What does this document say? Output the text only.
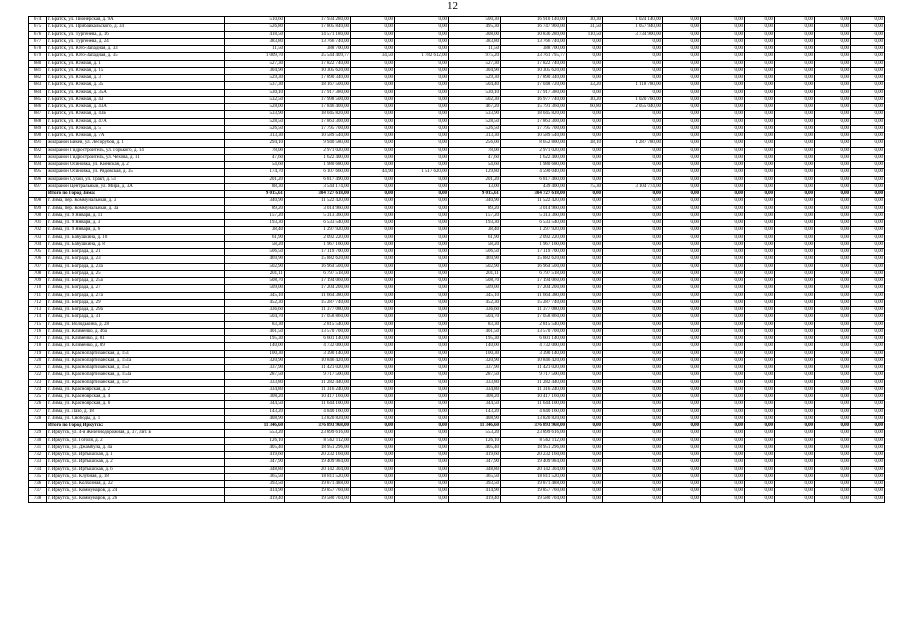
12
674	г. Братск, ул. Пионерская, д. 9А	510,60	17 934 280,00	0,00	0,00	500,30	16 910 140,00	30,30	1 024 140,00	0,00	0,00	0,00	0,00	0,00	0,00
675	г. Братск, ул. Прибайкальского, д. 34	526,80	17 805 840,00	0,00	0,00	495,30	16 747 960,00	31,50	1 057 940,00	0,00	0,00	0,00	0,00	0,00	0,00
676	г. Братск, ул. Тургенева, д. 16	418,50	14 571 180,00	0,00	0,00	308,00	10 836 280,00	110,50	3 734 900,00	0,00	0,00	0,00	0,00	0,00	0,00
677	г. Братск, ул. Тургенева, д. 24	383,80	13 766 740,00	0,00	0,00	383,80	13 766 740,00	0,00	0,00	0,00	0,00	0,00	0,00	0,00	0,00
678	г. Братск, ул. Юго-Западная, д. 33	11,50	388 700,00	0,00	0,00	11,50	388 700,00	0,00	0,00	0,00	0,00	0,00	0,00	0,00	0,00
679	г. Братск, ул. Юго-Западная, д. 35	1 009,70	35 544 409,77	34,50	1 782 612,00	975,20	33 761 795,77	0,00	0,00	0,00	0,00	0,00	0,00	0,00	0,00
680	г. Братск, ул. Южная, д. 1	527,30	17 822 740,00	0,00	0,00	527,30	17 822 740,00	0,00	0,00	0,00	0,00	0,00	0,00	0,00	0,00
681	г. Братск, ул. Южная, д. 15	304,90	10 305 620,00	0,00	0,00	304,90	10 305 620,00	0,00	0,00	0,00	0,00	0,00	0,00	0,00	0,00
682	г. Братск, ул. Южная, д. 3	529,30	17 890 340,00	0,00	0,00	529,30	17 890 340,00	0,00	0,00	0,00	0,00	0,00	0,00	0,00	0,00
683	г. Братск, ул. Южная, д. 35	537,30	18 167 500,00	0,00	0,00	504,40	17 048 720,00	33,20	1 118 780,00	0,00	0,00	0,00	0,00	0,00	0,00
684	г. Братск, ул. Южная, д. 35А	530,10	17 917 380,00	0,00	0,00	530,10	17 917 380,00	0,00	0,00	0,00	0,00	0,00	0,00	0,00	0,00
685	г. Братск, ул. Южная, д. 43	532,50	17 998 500,00	0,00	0,00	502,30	16 977 740,00	30,20	1 020 760,00	0,00	0,00	0,00	0,00	0,00	0,00
686	г. Братск, ул. Южная, д. 43А	528,00	17 846 400,00	0,00	0,00	467,20	15 791 360,00	60,80	2 055 040,00	0,00	0,00	0,00	0,00	0,00	0,00
687	г. Братск, ул. Южная, д. 43Б	533,90	18 045 820,00	0,00	0,00	533,90	18 045 820,00	0,00	0,00	0,00	0,00	0,00	0,00	0,00	0,00
688	г. Братск, ул. Южная, д. 47А	528,50	17 863 300,00	0,00	0,00	528,50	17 863 300,00	0,00	0,00	0,00	0,00	0,00	0,00	0,00	0,00
689	г. Братск, ул. Южная, д. 5	526,50	17 795 700,00	0,00	0,00	526,50	17 795 700,00	0,00	0,00	0,00	0,00	0,00	0,00	0,00	0,00
690	г. Братск, ул. Южная, д. 7А	313,30	10 589 540,00	0,00	0,00	313,30	10 589 540,00	0,00	0,00	0,00	0,00	0,00	0,00	0,00	0,00
691	жилрайон Бикей, ул. Лесорубов, д. 1	294,10	9 940 580,00	0,00	0,00	256,00	8 652 800,00	38,10	1 287 780,00	0,00	0,00	0,00	0,00	0,00	0,00
692	жилрайон Гидростроитель, ул. Горького, д. 14	78,00	2 971 020,00	0,00	0,00	78,00	2 971 020,00	0,00	0,00	0,00	0,00	0,00	0,00	0,00	0,00
693	жилрайон Гидростроитель, ул. Чехова, д. 11	47,60	1 622 400,00	0,00	0,00	47,60	1 622 400,00	0,00	0,00	0,00	0,00	0,00	0,00	0,00	0,00
694	жилрайон Осиновка, ул. Киевская, д. 2	54,60	1 980 680,00	0,00	0,00	54,60	1 980 680,00	0,00	0,00	0,00	0,00	0,00	0,00	0,00	0,00
695	жилрайон Осиновка, ул. Рядовская, д. 35	174,70	6 107 660,00	44,90	1 517 620,00	129,80	4 590 040,00	0,00	0,00	0,00	0,00	0,00	0,00	0,00	0,00
696	жилрайон Сухой, ул. Тракт, д. 51	201,20	6 817 490,00	0,00	0,00	201,20	6 817 460,00	0,00	0,00	0,00	0,00	0,00	0,00	0,00	0,00
697	жилрайон Центральный, ул. Мира, д. 3А	88,30	3 544 174,00	0,00	0,00	13,00	439 400,00	75,30	3 104 774,00	0,00	0,00	0,00	0,00	0,00	0,00
	Итого по Город Зима:	9 015,61	304 727 618,00	0,00	0,00	9 015,61	304 727 618,00	0,00	0,00	0,00	0,00	0,00	0,00	0,00	0,00
698	г. Зима, пер. Коммунальный, д. 3	340,90	11 522 420,00	0,00	0,00	340,90	11 522 420,00	0,00	0,00	0,00	0,00	0,00	0,00	0,00	0,00
699	г. Зима, пер. Коммунальный, д. 3а	89,20	3 014 960,00	0,00	0,00	89,20	3 014 960,00	0,00	0,00	0,00	0,00	0,00	0,00	0,00	0,00
700	г. Зима, ул. 9 Января, д. 11	157,20	5 313 360,00	0,00	0,00	157,20	5 313 360,00	0,00	0,00	0,00	0,00	0,00	0,00	0,00	0,00
701	г. Зима, ул. 9 Января, д. 3	193,30	6 533 540,00	0,00	0,00	193,30	6 533 540,00	0,00	0,00	0,00	0,00	0,00	0,00	0,00	0,00
702	г. Зима, ул. 9 Января, д. 6	38,40	1 297 920,00	0,00	0,00	38,40	1 297 920,00	0,00	0,00	0,00	0,00	0,00	0,00	0,00	0,00
703	г. Зима, ул. Бабушкина, д. 10	61,90	2 092 220,00	0,00	0,00	61,90	2 092 220,00	0,00	0,00	0,00	0,00	0,00	0,00	0,00	0,00
704	г. Зима, ул. Бабушкина, д. 8	58,20	1 967 160,00	0,00	0,00	58,20	1 967 160,00	0,00	0,00	0,00	0,00	0,00	0,00	0,00	0,00
705	г. Зима, ул. Бограда, д. 21	506,50	17 119 700,00	0,00	0,00	506,50	17 119 700,00	0,00	0,00	0,00	0,00	0,00	0,00	0,00	0,00
706	г. Зима, ул. Бограда, д. 23	469,90	15 882 620,00	0,00	0,00	469,90	15 882 620,00	0,00	0,00	0,00	0,00	0,00	0,00	0,00	0,00
707	г. Зима, ул. Бограда, д. 23а	502,90	16 964 500,00	0,00	0,00	502,90	16 964 500,00	0,00	0,00	0,00	0,00	0,00	0,00	0,00	0,00
708	г. Зима, ул. Бограда, д. 25	201,11	6 797 518,00	0,00	0,00	201,11	6 797 518,00	0,00	0,00	0,00	0,00	0,00	0,00	0,00	0,00
709	г. Зима, ул. Бограда, д. 25а	508,70	17 194 060,00	0,00	0,00	508,70	17 194 060,00	0,00	0,00	0,00	0,00	0,00	0,00	0,00	0,00
710	г. Зима, ул. Бограда, д. 27	509,00	17 204 200,00	0,00	0,00	509,00	17 204 200,00	0,00	0,00	0,00	0,00	0,00	0,00	0,00	0,00
711	г. Зима, ул. Бограда, д. 27а	345,10	11 664 380,00	0,00	0,00	345,10	11 664 380,00	0,00	0,00	0,00	0,00	0,00	0,00	0,00	0,00
712	г. Зима, ул. Бограда, д. 29	452,30	15 287 740,00	0,00	0,00	452,30	15 287 740,00	0,00	0,00	0,00	0,00	0,00	0,00	0,00	0,00
713	г. Зима, ул. Бограда, д. 29а	336,60	11 377 080,00	0,00	0,00	336,60	11 377 080,00	0,00	0,00	0,00	0,00	0,00	0,00	0,00	0,00
714	г. Зима, ул. Бограда, д. 31	504,70	17 058 860,00	0,00	0,00	504,70	17 058 860,00	0,00	0,00	0,00	0,00	0,00	0,00	0,00	0,00
715	г. Зима, ул. Володькина, д. 28	83,30	2 815 540,00	0,00	0,00	83,30	2 815 540,00	0,00	0,00	0,00	0,00	0,00	0,00	0,00	0,00
716	г. Зима, ул. Клименко, д. 46а	401,50	13 570 700,00	0,00	0,00	401,50	13 570 700,00	0,00	0,00	0,00	0,00	0,00	0,00	0,00	0,00
717	г. Зима, ул. Клименко, д. 81	195,30	6 601 140,00	0,00	0,00	195,30	6 601 140,00	0,00	0,00	0,00	0,00	0,00	0,00	0,00	0,00
718	г. Зима, ул. Клименко, д. 89	140,00	4 732 000,00	0,00	0,00	140,00	4 732 000,00	0,00	0,00	0,00	0,00	0,00	0,00	0,00	0,00
719	г. Зима, ул. Краснопартизанская, д. 151	100,30	3 390 140,00	0,00	0,00	100,30	3 390 140,00	0,00	0,00	0,00	0,00	0,00	0,00	0,00	0,00
720	г. Зима, ул. Краснопартизанская, д. 151а	320,90	10 846 420,00	0,00	0,00	320,90	10 846 420,00	0,00	0,00	0,00	0,00	0,00	0,00	0,00	0,00
721	г. Зима, ул. Краснопартизанская, д. 153	337,90	11 421 020,00	0,00	0,00	337,90	11 421 020,00	0,00	0,00	0,00	0,00	0,00	0,00	0,00	0,00
722	г. Зима, ул. Краснопартизанская, д. 153а	287,50	9 717 500,00	0,00	0,00	287,50	9 717 500,00	0,00	0,00	0,00	0,00	0,00	0,00	0,00	0,00
723	г. Зима, ул. Краснопартизанская, д. 157	333,80	11 282 440,00	0,00	0,00	333,80	11 282 440,00	0,00	0,00	0,00	0,00	0,00	0,00	0,00	0,00
724	г. Зима, ул. Красноярская, д. 2	334,80	11 316 240,00	0,00	0,00	334,80	11 316 240,00	0,00	0,00	0,00	0,00	0,00	0,00	0,00	0,00
725	г. Зима, ул. Красноярская, д. 4	308,20	10 417 160,00	0,00	0,00	308,20	10 417 160,00	0,00	0,00	0,00	0,00	0,00	0,00	0,00	0,00
726	г. Зима, ул. Красноярская, д. 6	344,50	11 644 100,00	0,00	0,00	344,50	11 644 100,00	0,00	0,00	0,00	0,00	0,00	0,00	0,00	0,00
727	г. Зима, ул. Лазо, д. 18	143,20	4 840 160,00	0,00	0,00	143,20	4 840 160,00	0,00	0,00	0,00	0,00	0,00	0,00	0,00	0,00
728	г. Зима, ул. Свободы, д. 1	408,90	13 820 820,00	0,00	0,00	408,90	13 820 820,00	0,00	0,00	0,00	0,00	0,00	0,00	0,00	0,00
	Итого по Город Иркутск:	11 346,60	376 893 968,00	0,00	0,00	11 346,60	376 893 968,00	0,00	0,00	0,00	0,00	0,00	0,00	0,00	0,00
729	г. Иркутск, ул. 4-я Железнодорожная, д. 37, лит. Б	553,20	23 899 616,00	0,00	0,00	553,20	23 899 616,00	0,00	0,00	0,00	0,00	0,00	0,00	0,00	0,00
730	г. Иркутск, ул. Гоголя, д. 2	126,10	8 562 112,00	0,00	0,00	126,10	8 562 112,00	0,00	0,00	0,00	0,00	0,00	0,00	0,00	0,00
731	г. Иркутск, ул. Джамбула, д. 4а	405,40	18 951 296,00	0,00	0,00	405,40	18 951 296,00	0,00	0,00	0,00	0,00	0,00	0,00	0,00	0,00
732	г. Иркутск, ул. Иртышская, д. 1	419,60	20 232 160,00	0,00	0,00	419,60	20 232 160,00	0,00	0,00	0,00	0,00	0,00	0,00	0,00	0,00
733	г. Иркутск, ул. Иртышская, д. 2	347,90	19 409 984,00	0,00	0,00	347,90	19 409 984,00	0,00	0,00	0,00	0,00	0,00	0,00	0,00	0,00
734	г. Иркутск, ул. Иртышская, д. 6	348,80	20 142 304,00	0,00	0,00	348,80	20 142 304,00	0,00	0,00	0,00	0,00	0,00	0,00	0,00	0,00
735	г. Иркутск, ул. Клубная, д. 18	365,50	18 811 520,00	0,00	0,00	365,50	18 811 520,00	0,00	0,00	0,00	0,00	0,00	0,00	0,00	0,00
736	г. Иркутск, ул. Колхозная, д. 22	393,50	19 871 488,00	0,00	0,00	393,50	19 871 488,00	0,00	0,00	0,00	0,00	0,00	0,00	0,00	0,00
737	г. Иркутск, ул. Коммунаров, д. 24	414,90	19 857 760,00	0,00	0,00	414,90	19 857 760,00	0,00	0,00	0,00	0,00	0,00	0,00	0,00	0,00
738	г. Иркутск, ул. Коммунаров, д. 26	419,40	19 580 704,00	0,00	0,00	419,40	19 580 704,00	0,00	0,00	0,00	0,00	0,00	0,00	0,00	0,00
